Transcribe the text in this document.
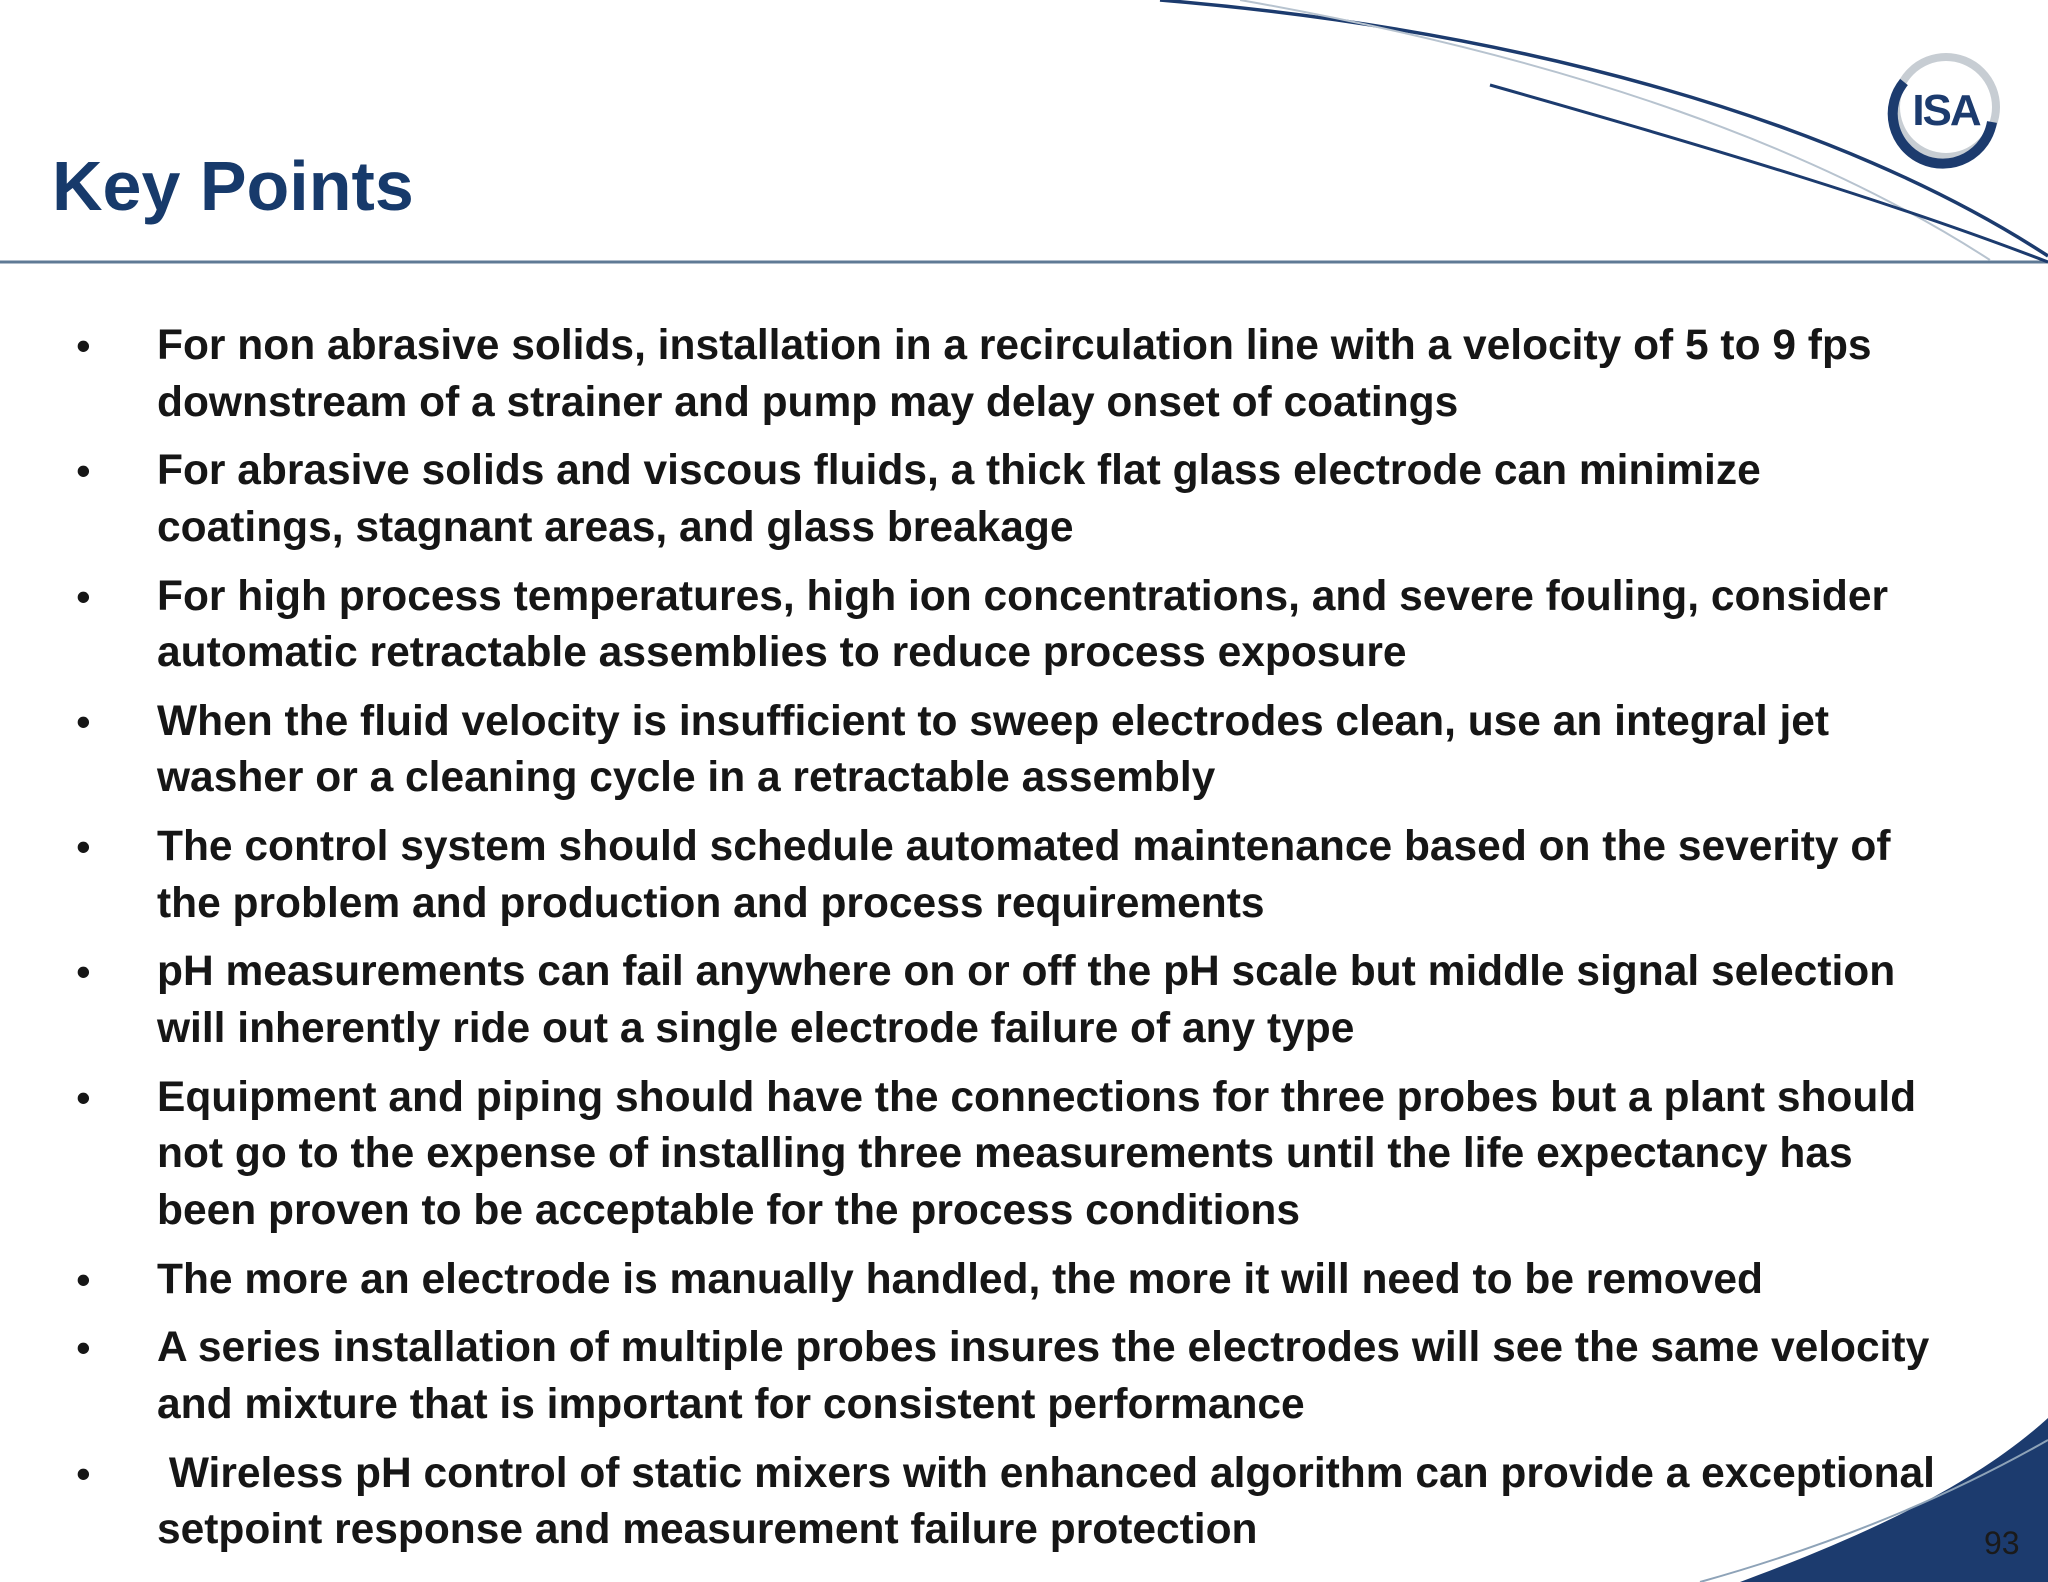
ISA
Key Points
• For non abrasive solids, installation in a recirculation line with a velocity of 5 to 9 fps downstream of a strainer and pump may delay onset of coatings
• For abrasive solids and viscous fluids, a thick flat glass electrode can minimize coatings, stagnant areas, and glass breakage
• For high process temperatures, high ion concentrations, and severe fouling, consider automatic retractable assemblies to reduce process exposure
• When the fluid velocity is insufficient to sweep electrodes clean, use an integral jet washer or a cleaning cycle in a retractable assembly
• The control system should schedule automated maintenance based on the severity of the problem and production and process requirements
• pH measurements can fail anywhere on or off the pH scale but middle signal selection will inherently ride out a single electrode failure of any type
• Equipment and piping should have the connections for three probes but a plant should not go to the expense of installing three measurements until the life expectancy has been proven to be acceptable for the process conditions
• The more an electrode is manually handled, the more it will need to be removed
• A series installation of multiple probes insures the electrodes will see the same velocity and mixture that is important for consistent performance
• Wireless pH control of static mixers with enhanced algorithm can provide a exceptional setpoint response and measurement failure protection	93
